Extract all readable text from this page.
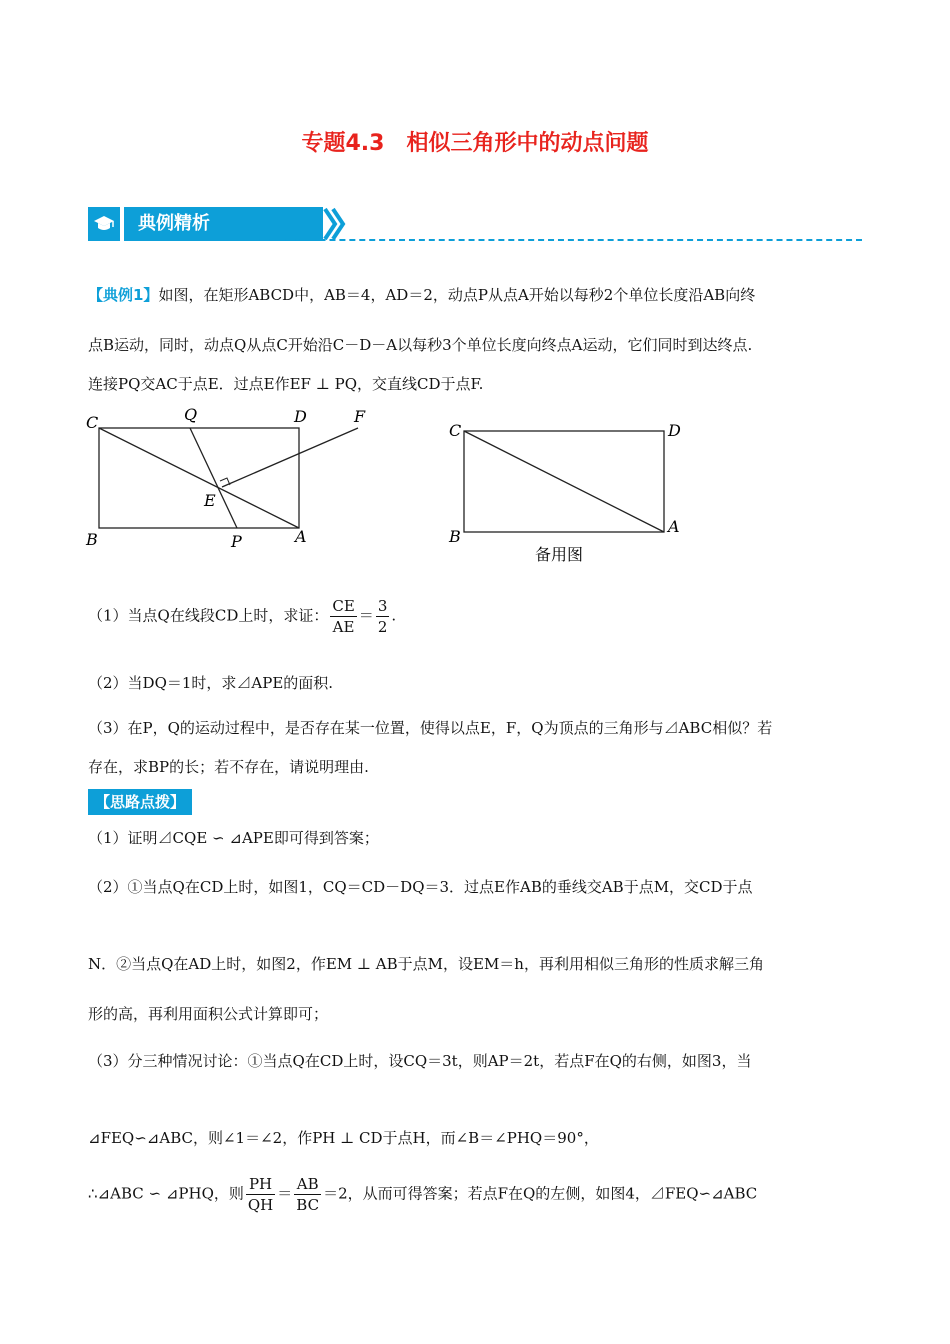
专题4.3　相似三角形中的动点问题
典例精析
【典例1】如图，在矩形ABCD中，AB＝4，AD＝2，动点P从点A开始以每秒2个单位长度沿AB向终
点B运动，同时，动点Q从点C开始沿C－D－A以每秒3个单位长度向终点A运动，它们同时到达终点.
连接PQ交AC于点E．过点E作EF ⊥ PQ，交直线CD于点F.
C	Q	D	F
E
B	P	A
C	D
B
A
备用图
（1）当点Q在线段CD上时，求证： $\frac{CE}{AE} = \frac{3}{2}$ .
（2）当DQ＝1时，求⊿APE的面积.
（3）在P，Q的运动过程中，是否存在某一位置，使得以点E，F，Q为顶点的三角形与⊿ABC相似？若
存在，求BP的长；若不存在，请说明理由.
【思路点拨】
（1）证明⊿CQE ∽ ⊿APE即可得到答案；
（2）①当点Q在CD上时，如图1，CQ＝CD－DQ＝3．过点E作AB的垂线交AB于点M，交CD于点
N．②当点Q在AD上时，如图2，作EM ⊥ AB于点M，设EM＝h，再利用相似三角形的性质求解三角
形的高，再利用面积公式计算即可；
（3）分三种情况讨论：①当点Q在CD上时，设CQ＝3t，则AP＝2t，若点F在Q的右侧，如图3，当
⊿FEQ∽⊿ABC，则∠1＝∠2，作PH ⊥ CD于点H，而∠B＝∠PHQ＝90°，
∴⊿ABC ∽ ⊿PHQ，则 $\frac{PH}{QH} = \frac{AB}{BC} =2$，从而可得答案；若点F在Q的左侧，如图4，⊿FEQ∽⊿ABC
